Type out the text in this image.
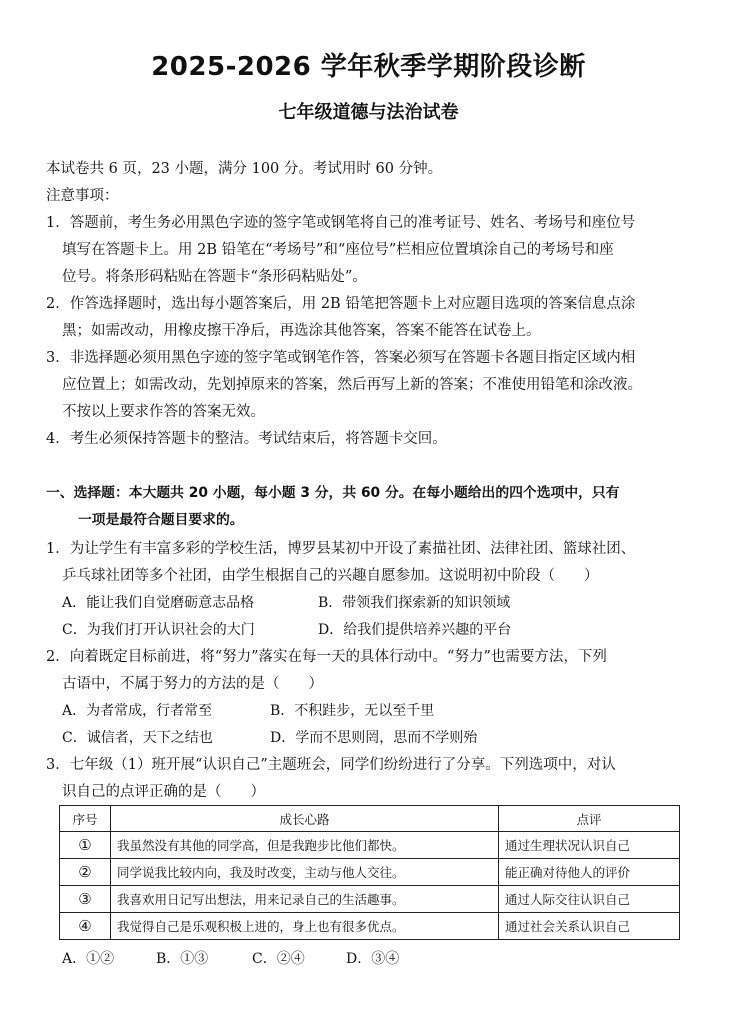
2025-2026 学年秋季学期阶段诊断
七年级道德与法治试卷
本试卷共 6 页，23 小题，满分 100 分。考试用时 60 分钟。
注意事项：
1．答题前，考生务必用黑色字迹的签字笔或钢笔将自己的准考证号、姓名、考场号和座位号
填写在答题卡上。用 2B 铅笔在“考场号”和“座位号”栏相应位置填涂自己的考场号和座
位号。将条形码粘贴在答题卡“条形码粘贴处”。
2．作答选择题时，选出每小题答案后，用 2B 铅笔把答题卡上对应题目选项的答案信息点涂
黑；如需改动，用橡皮擦干净后，再选涂其他答案，答案不能答在试卷上。
3．非选择题必须用黑色字迹的签字笔或钢笔作答，答案必须写在答题卡各题目指定区域内相
应位置上；如需改动，先划掉原来的答案，然后再写上新的答案；不准使用铅笔和涂改液。
不按以上要求作答的答案无效。
4．考生必须保持答题卡的整洁。考试结束后，将答题卡交回。
一、选择题：本大题共 20 小题，每小题 3 分，共 60 分。在每小题给出的四个选项中，只有
一项是最符合题目要求的。
1．为让学生有丰富多彩的学校生活，博罗县某初中开设了素描社团、法律社团、篮球社团、
乒乓球社团等多个社团，由学生根据自己的兴趣自愿参加。这说明初中阶段（　　）
A．能让我们自觉磨砺意志品格	B．带领我们探索新的知识领域
C．为我们打开认识社会的大门	D．给我们提供培养兴趣的平台
2．向着既定目标前进，将“努力”落实在每一天的具体行动中。“努力”也需要方法，下列
古语中，不属于努力的方法的是（　　）
A．为者常成，行者常至	B．不积跬步，无以至千里
C．诚信者，天下之结也	D．学而不思则罔，思而不学则殆
3．七年级（1）班开展“认识自己”主题班会，同学们纷纷进行了分享。下列选项中，对认
识自己的点评正确的是（　　）
序号	成长心路	点评
①	我虽然没有其他的同学高，但是我跑步比他们都快。	通过生理状况认识自己
②	同学说我比较内向，我及时改变，主动与他人交往。	能正确对待他人的评价
③	我喜欢用日记写出想法，用来记录自己的生活趣事。	通过人际交往认识自己
④	我觉得自己是乐观积极上进的，身上也有很多优点。	通过社会关系认识自己
A．①②	B．①③	C．②④	D．③④
